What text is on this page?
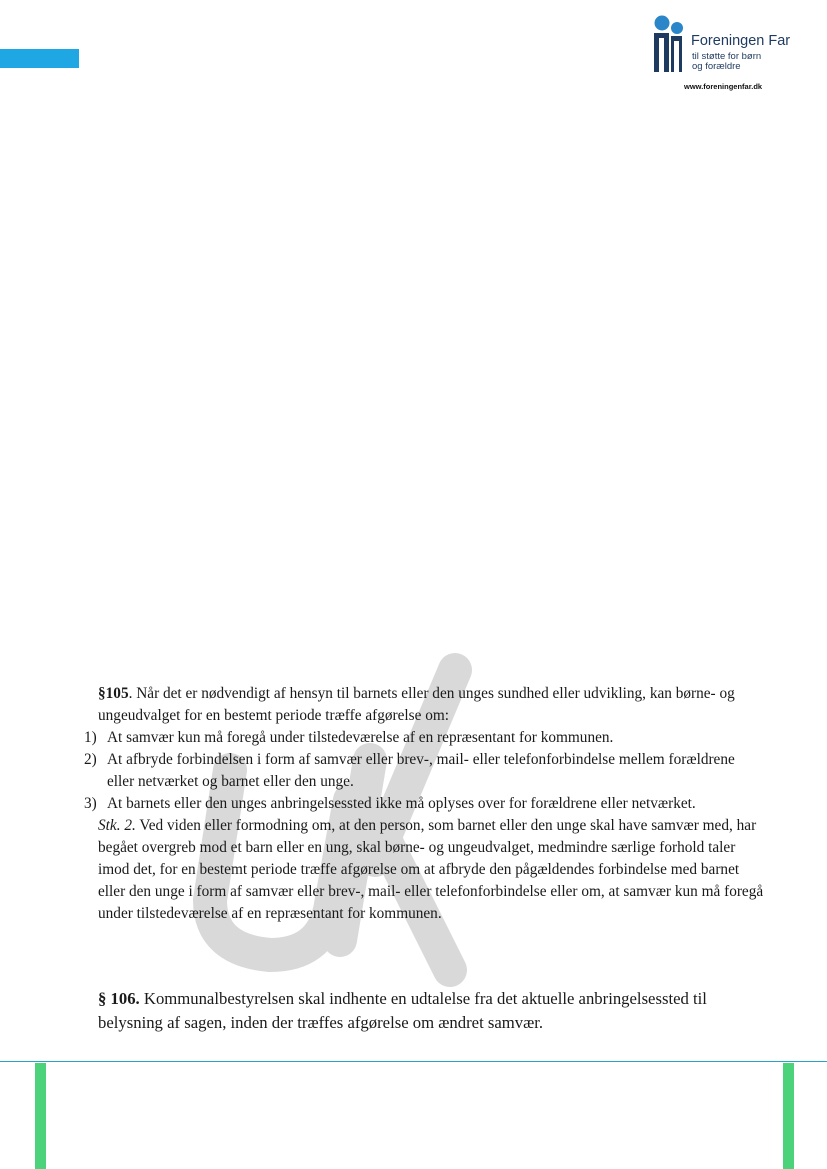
Foreningen Far
til støtte for børn
og forældre
www.foreningenfar.dk

§105. Når det er nødvendigt af hensyn til barnets eller den unges sundhed eller udvikling, kan børne- og ungeudvalget for en bestemt periode træffe afgørelse om:

1) At samvær kun må foregå under tilstedeværelse af en repræsentant for kommunen.
2) At afbryde forbindelsen i form af samvær eller brev-, mail- eller telefonforbindelse mellem forældrene eller netværket og barnet eller den unge.
3) At barnets eller den unges anbringelsessted ikke må oplyses over for forældrene eller netværket.

Stk. 2. Ved viden eller formodning om, at den person, som barnet eller den unge skal have samvær med, har begået overgreb mod et barn eller en ung, skal børne- og ungeudvalget, medmindre særlige forhold taler imod det, for en bestemt periode træffe afgørelse om at afbryde den pågældendes forbindelse med barnet eller den unge i form af samvær eller brev-, mail- eller telefonforbindelse eller om, at samvær kun må foregå under tilstedeværelse af en repræsentant for kommunen.

§ 106. Kommunalbestyrelsen skal indhente en udtalelse fra det aktuelle anbringelsessted til belysning af sagen, inden der træffes afgørelse om ændret samvær.
